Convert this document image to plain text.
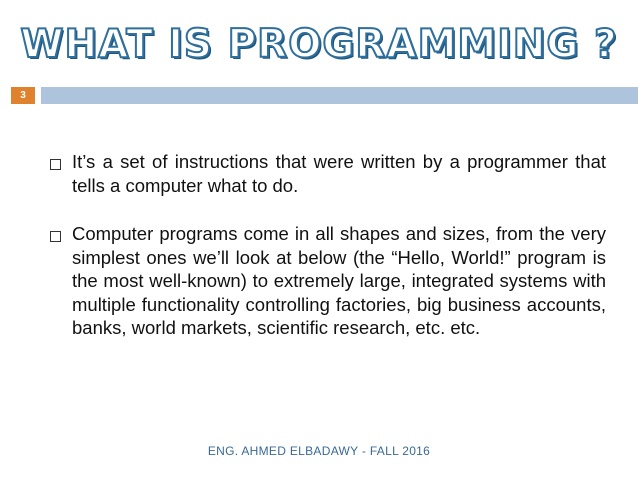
WHAT IS PROGRAMMING ?
3
It’s a set of instructions that were written by a programmer that tells a computer what to do.
Computer programs come in all shapes and sizes, from the very simplest ones we’ll look at below (the “Hello, World!” program is the most well-known) to extremely large, integrated systems with multiple functionality controlling factories, big business accounts, banks, world markets, scientific research, etc. etc.
ENG. AHMED ELBADAWY - FALL 2016
